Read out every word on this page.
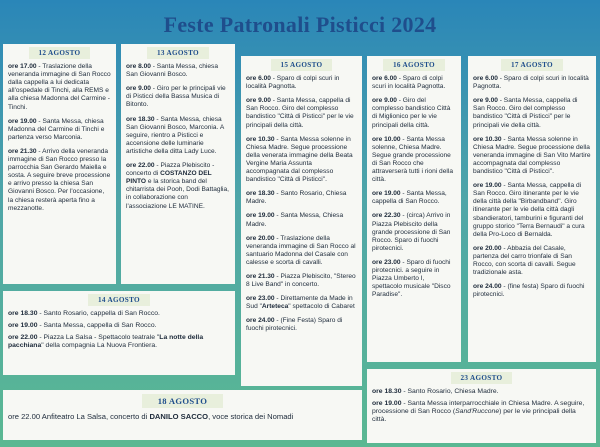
Feste Patronali Pisticci 2024
12 AGOSTO
ore 17.00 - Traslazione della veneranda immagine di San Rocco dalla cappella a lui dedicata all'ospedale di Tinchi, alla REMS e alla chiesa Madonna del Carmine - Tinchi.
ore 19.00 - Santa Messa, chiesa Madonna del Carmine di Tinchi e partenza verso Marconia.
ore 21.30 - Arrivo della veneranda immagine di San Rocco presso la parrocchia San Gerardo Maiella e sosta. A seguire breve processione e arrivo presso la chiesa San Giovanni Bosco. Per l'occasione, la chiesa resterà aperta fino a mezzanotte.
13 AGOSTO
ore 8.00 - Santa Messa, chiesa San Giovanni Bosco.
ore 9.00 - Giro per le principali vie di Pisticci della Bassa Musica di Bitonto.
ore 18.30 - Santa Messa, chiesa San Giovanni Bosco, Marconia. A seguire, rientro a Pisticci e accensione delle luminarie artistiche della ditta Lady Luce.
ore 22.00 - Piazza Plebiscito - concerto di COSTANZO DEL PINTO e la storica band del chitarrista dei Pooh, Dodi Battaglia, in collaborazione con l'associazione LE MATINE.
15 AGOSTO
ore 6.00 - Sparo di colpi scuri in località Pagnotta.
ore 9.00 - Santa Messa, cappella di San Rocco. Giro del complesso bandistico "Città di Pisticci" per le vie principali della città.
ore 10.30 - Santa Messa solenne in Chiesa Madre. Segue processione della venerata immagine della Beata Vergine Maria Assunta accompagnata dal complesso bandistico "Città di Pisticci".
ore 18.30 - Santo Rosario, Chiesa Madre.
ore 19.00 - Santa Messa, Chiesa Madre.
ore 20.00 - Traslazione della veneranda immagine di San Rocco al santuario Madonna del Casale con calesse e scorta di cavalli.
ore 21.30 - Piazza Plebiscito, "Stereo 8 Live Band" in concerto.
ore 23.00 - Direttamente da Made in Sud "Arteteca" spettacolo di Cabaret
ore 24.00 - (Fine Festa) Sparo di fuochi pirotecnici.
16 AGOSTO
ore 6.00 - Sparo di colpi scuri in località Pagnotta.
ore 9.00 - Giro del complesso bandistico Città di Miglionico per le vie principali della città.
ore 10.00 - Santa Messa solenne, Chiesa Madre. Segue grande processione di San Rocco che attraverserà tutti i rioni della città.
ore 19.00 - Santa Messa, cappella di San Rocco.
ore 22.30 - (circa) Arrivo in Piazza Plebiscito della grande processione di San Rocco. Sparo di fuochi pirotecnici.
ore 23.00 - Sparo di fuochi pirotecnici. a seguire in Piazza Umberto I, spettacolo musicale "Disco Paradise".
17 AGOSTO
ore 6.00 - Sparo di colpi scuri in località Pagnotta.
ore 9.00 - Santa Messa, cappella di San Rocco. Giro del complesso bandistico "Città di Pisticci" per le principali vie della città.
ore 10.30 - Santa Messa solenne in Chiesa Madre. Segue processione della veneranda immagine di San Vito Martire accompagnata dal complesso bandistico "Città di Pisticci".
ore 19.00 - Santa Messa, cappella di San Rocco. Giro itinerante per le vie della città della "Birbandband". Giro itinerante per le vie della città dagli sbandieratori, tamburini e figuranti del gruppo storico "Terra Bernaudi" a cura della Pro-Loco di Bernalda.
ore 20.00 - Abbazia del Casale, partenza del carro trionfale di San Rocco, con scorta di cavalli. Segue tradizionale asta.
ore 24.00 - (fine festa) Sparo di fuochi pirotecnici.
14 AGOSTO
ore 18.30 - Santo Rosario, cappella di San Rocco.
ore 19.00 - Santa Messa, cappella di San Rocco.
ore 22.00 - Piazza La Salsa - Spettacolo teatrale "La notte della pacchiana" della compagnia La Nuova Frontiera.
18 AGOSTO
ore 22.00 Anfiteatro La Salsa, concerto di DANILO SACCO, voce storica dei Nomadi
23 AGOSTO
ore 18.30 - Santo Rosario, Chiesa Madre.
ore 19.00 - Santa Messa interparrocchiale in Chiesa Madre. A seguire, processione di San Rocco (Sand'Ruccone) per le vie principali della città.
